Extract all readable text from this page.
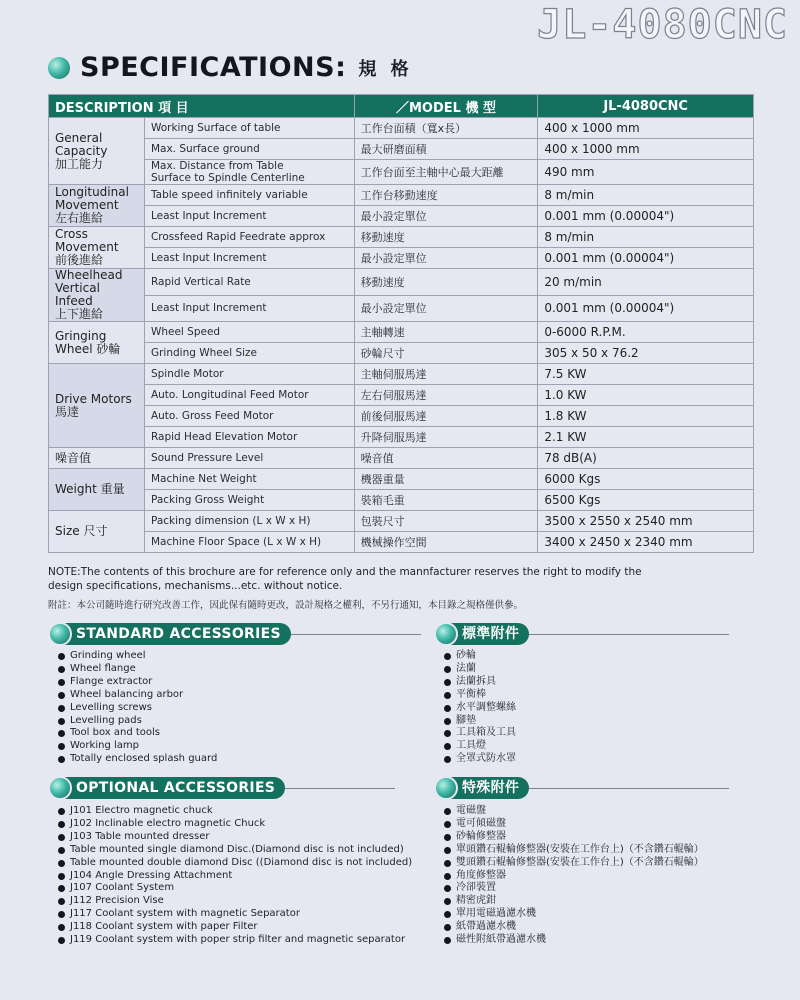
JL-4080CNC
SPECIFICATIONS: 規 格
DESCRIPTION 項 目		／MODEL 機 型	JL-4080CNC
General
Capacity
加工能力	Working Surface of table	工作台面積（寬x長）	400 x 1000 mm
	Max. Surface ground	最大研磨面積	400 x 1000 mm
	Max. Distance from Table
Surface to Spindle Centerline	工作台面至主軸中心最大距離	490 mm
Longitudinal
Movement
左右進給	Table speed infinitely variable	工作台移動速度	8 m/min
	Least Input Increment	最小設定單位	0.001 mm (0.00004")
Cross
Movement
前後進給	Crossfeed Rapid Feedrate approx	移動速度	8 m/min
	Least Input Increment	最小設定單位	0.001 mm (0.00004")
Wheelhead
Vertical Infeed
上下進給	Rapid Vertical Rate	移動速度	20 m/min
	Least Input Increment	最小設定單位	0.001 mm (0.00004")
Gringing
Wheel 砂輪	Wheel Speed	主軸轉速	0-6000 R.P.M.
	Grinding Wheel Size	砂輪尺寸	305 x 50 x 76.2
Drive Motors
馬達	Spindle Motor	主軸伺服馬達	7.5 KW
	Auto. Longitudinal Feed Motor	左右伺服馬達	1.0 KW
	Auto. Gross Feed Motor	前後伺服馬達	1.8 KW
	Rapid Head Elevation Motor	升降伺服馬達	2.1 KW
噪音值	Sound Pressure Level	噪音值	78 dB(A)
Weight 重量	Machine Net Weight	機器重量	6000 Kgs
	Packing Gross Weight	裝箱毛重	6500 Kgs
Size 尺寸	Packing dimension (L x W x H)	包裝尺寸	3500 x 2550 x 2540 mm
	Machine Floor Space (L x W x H)	機械操作空間	3400 x 2450 x 2340 mm
NOTE:The contents of this brochure are for reference only and the mannfacturer reserves the right to modify the
design specifications, mechanisms...etc. without notice.
附註：本公司隨時進行研究改善工作，因此保有隨時更改，設計規格之權利，不另行通知，本目錄之規格僅供參。
STANDARD ACCESSORIES	標準附件
Grinding wheel
Wheel flange
Flange extractor
Wheel balancing arbor
Levelling screws
Levelling pads
Tool box and tools
Working lamp
Totally enclosed splash guard
砂輪
法蘭
法蘭拆具
平衡棒
水平調整螺絲
腳墊
工具箱及工具
工具燈
全罩式防水罩
OPTIONAL ACCESSORIES	特殊附件
J101 Electro magnetic chuck
J102 Inclinable electro magnetic Chuck
J103 Table mounted dresser
Table mounted single diamond Disc.(Diamond disc is not included)
Table mounted double diamond Disc ((Diamond disc is not included)
J104 Angle Dressing Attachment
J107 Coolant System
J112 Precision Vise
J117 Coolant system with magnetic Separator
J118 Coolant system with paper Filter
J119 Coolant system with poper strip filter and magnetic separator
電磁盤
電可傾磁盤
砂輪修整器
單頭鑽石輥輪修整器(安裝在工作台上)（不含鑽石輥輪）
雙頭鑽石輥輪修整器(安裝在工作台上)（不含鑽石輥輪）
角度修整器
冷卻裝置
精密虎鉗
單用電磁過濾水機
紙帶過濾水機
磁性附紙帶過濾水機
